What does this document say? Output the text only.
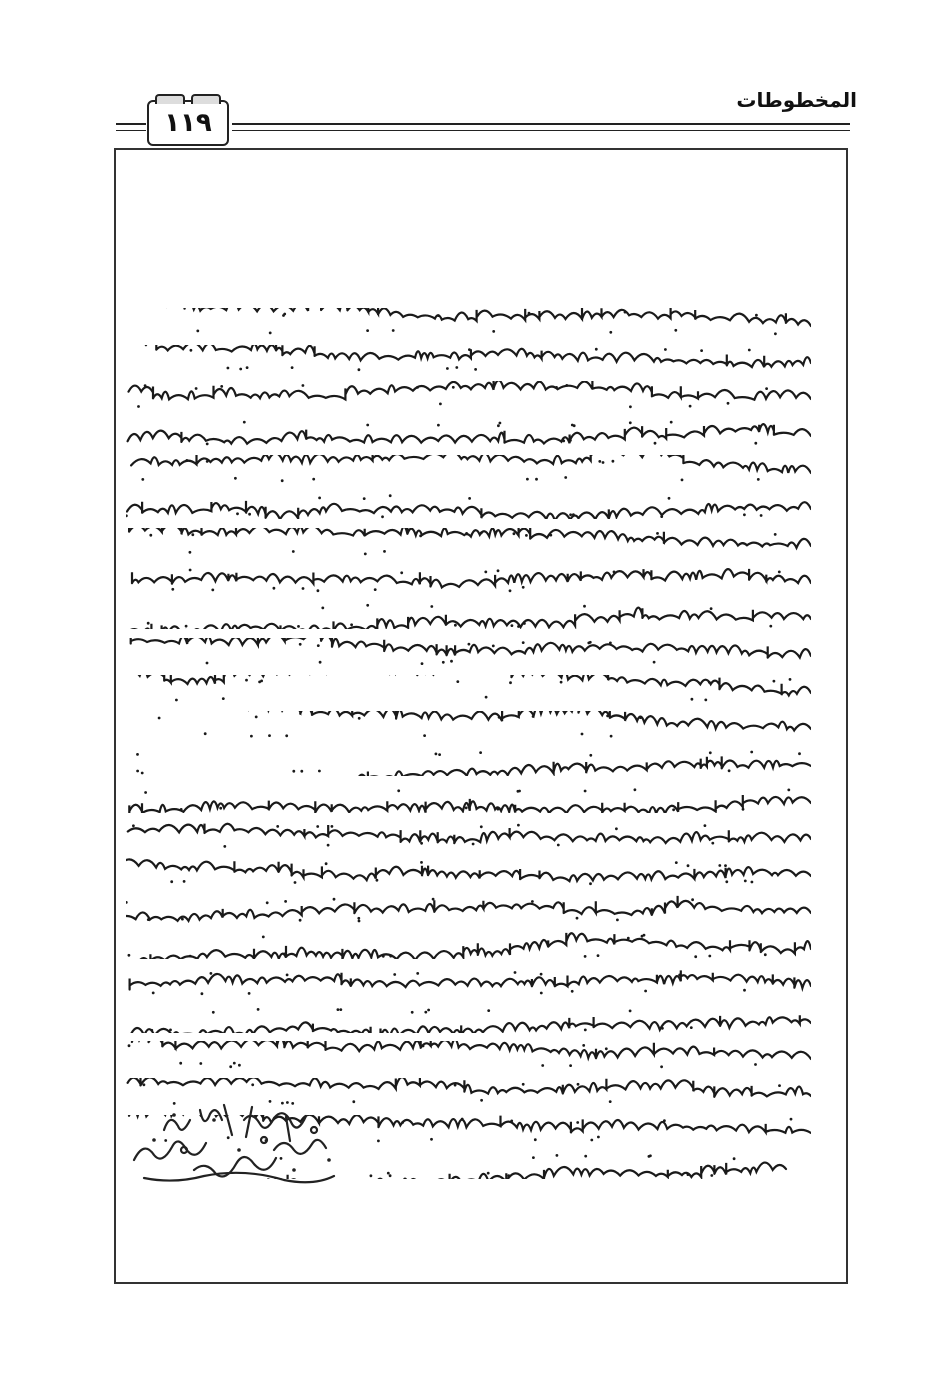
المخطوطات
١١٩
